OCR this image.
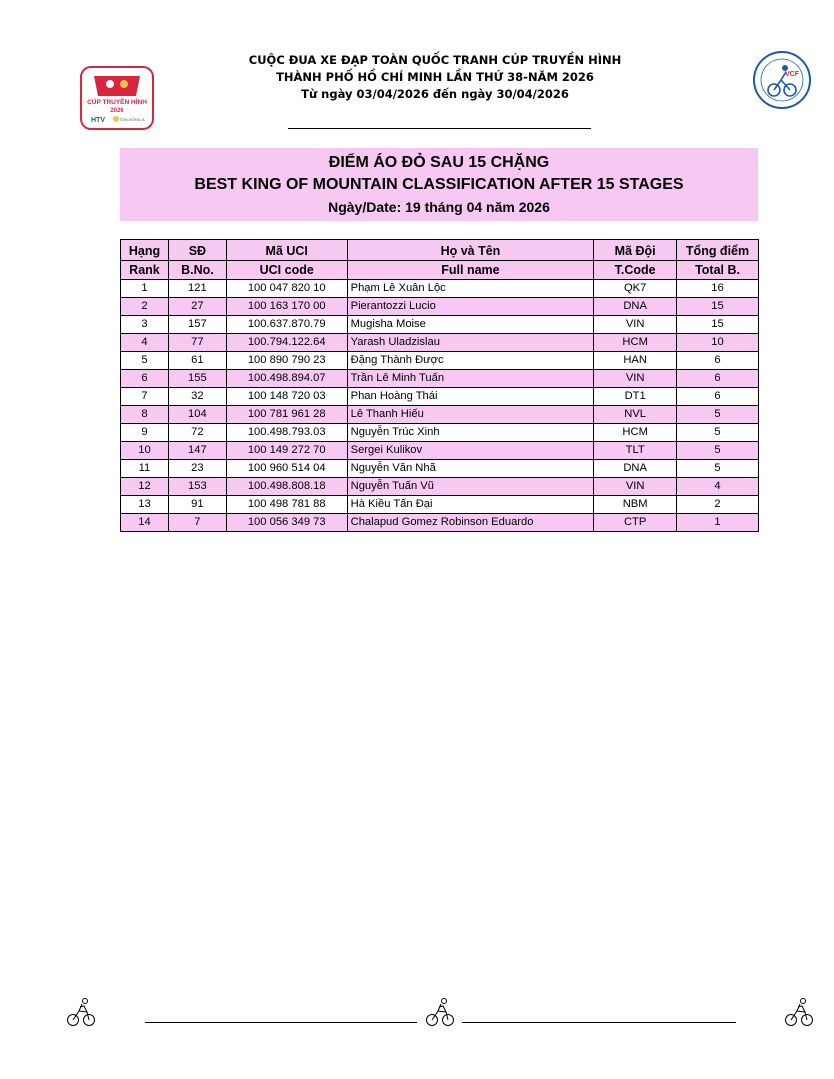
CÚP TRUYỀN HÌNH
2026
HTV	TÔN ĐÔNG Á
CUỘC ĐUA XE ĐẠP TOÀN QUỐC TRANH CÚP TRUYỀN HÌNH
THÀNH PHỐ HỒ CHÍ MINH LẦN THỨ 38-NĂM 2026
Từ ngày 03/04/2026 đến ngày 30/04/2026
VCF
ĐIỂM ÁO ĐỎ SAU 15 CHẶNG
BEST KING OF MOUNTAIN CLASSIFICATION AFTER 15 STAGES
Ngày/Date: 19 tháng 04 năm 2026
Hạng	SĐ	Mã UCI	Họ và Tên	Mã Đội	Tổng điểm
Rank	B.No.	UCI code	Full name	T.Code	Total B.
1	121	100 047 820 10	Phạm Lê Xuân Lộc	QK7	16
2	27	100 163 170 00	Pierantozzi Lucio	DNA	15
3	157	100.637.870.79	Mugisha Moise	VIN	15
4	77	100.794.122.64	Yarash Uladzislau	HCM	10
5	61	100 890 790 23	Đặng Thành Được	HAN	6
6	155	100.498.894.07	Trần Lê Minh Tuấn	VIN	6
7	32	100 148 720 03	Phan Hoàng Thái	DT1	6
8	104	100 781 961 28	Lê Thanh Hiếu	NVL	5
9	72	100.498.793.03	Nguyễn Trúc Xinh	HCM	5
10	147	100 149 272 70	Sergei Kulikov	TLT	5
11	23	100 960 514 04	Nguyễn Văn Nhã	DNA	5
12	153	100.498.808.18	Nguyễn Tuấn Vũ	VIN	4
13	91	100 498 781 88	Hà Kiều Tấn Đại	NBM	2
14	7	100 056 349 73	Chalapud Gomez Robinson Eduardo	CTP	1
